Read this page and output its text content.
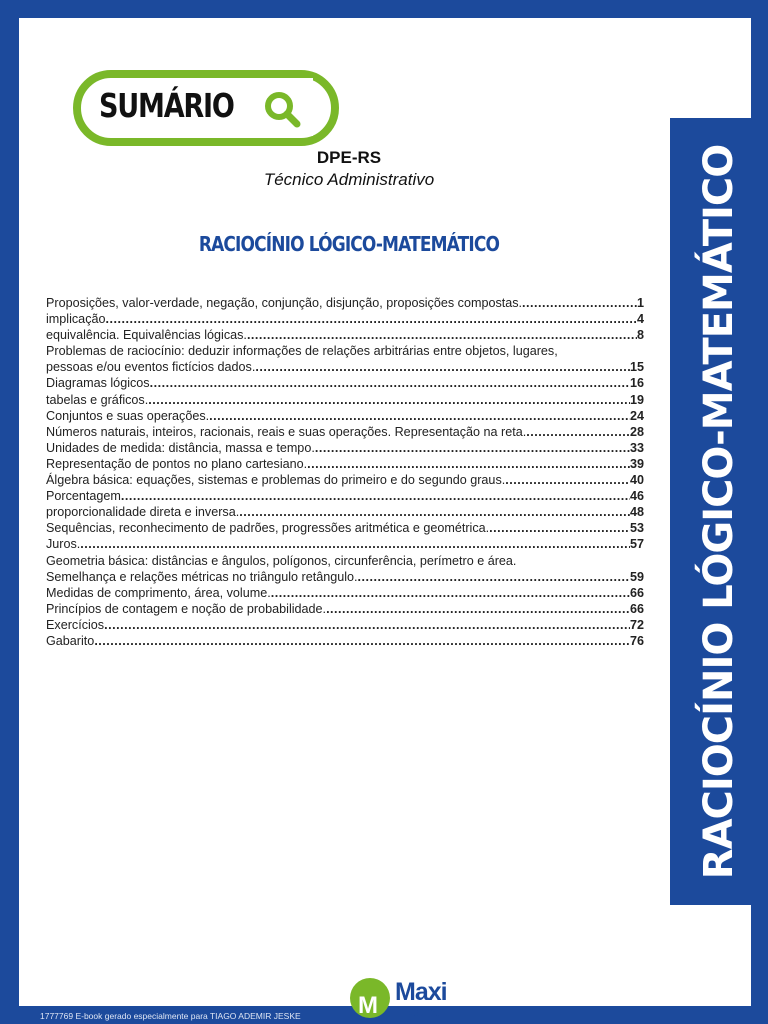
SUMÁRIO
DPE-RS
Técnico Administrativo
RACIOCÍNIO LÓGICO-MATEMÁTICO
Proposições, valor-verdade, negação, conjunção, disjunção, proposições compostas. .....	1
implicação .....	4
equivalência. Equivalências lógicas. .....	8
Problemas de raciocínio: deduzir informações de relações arbitrárias entre objetos, lugares,
pessoas e/ou eventos fictícios dados. .....	15
Diagramas lógicos .....	16
tabelas e gráficos. .....	19
Conjuntos e suas operações. .....	24
Números naturais, inteiros, racionais, reais e suas operações. Representação na reta. .....	28
Unidades de medida: distância, massa e tempo. .....	33
Representação de pontos no plano cartesiano. .....	39
Álgebra básica: equações, sistemas e problemas do primeiro e do segundo graus. .....	40
Porcentagem .....	46
proporcionalidade direta e inversa. .....	48
Sequências, reconhecimento de padrões, progressões aritmética e geométrica. .....	53
Juros. .....	57
Geometria básica: distâncias e ângulos, polígonos, circunferência, perímetro e área.
Semelhança e relações métricas no triângulo retângulo. .....	59
Medidas de comprimento, área, volume. .....	66
Princípios de contagem e noção de probabilidade. .....	66
Exercícios .....	72
Gabarito .....	76
M Maxi
educa
RACIOCÍNIO LÓGICO-MATEMÁTICO
1777769 E-book gerado especialmente para TIAGO ADEMIR JESKE
